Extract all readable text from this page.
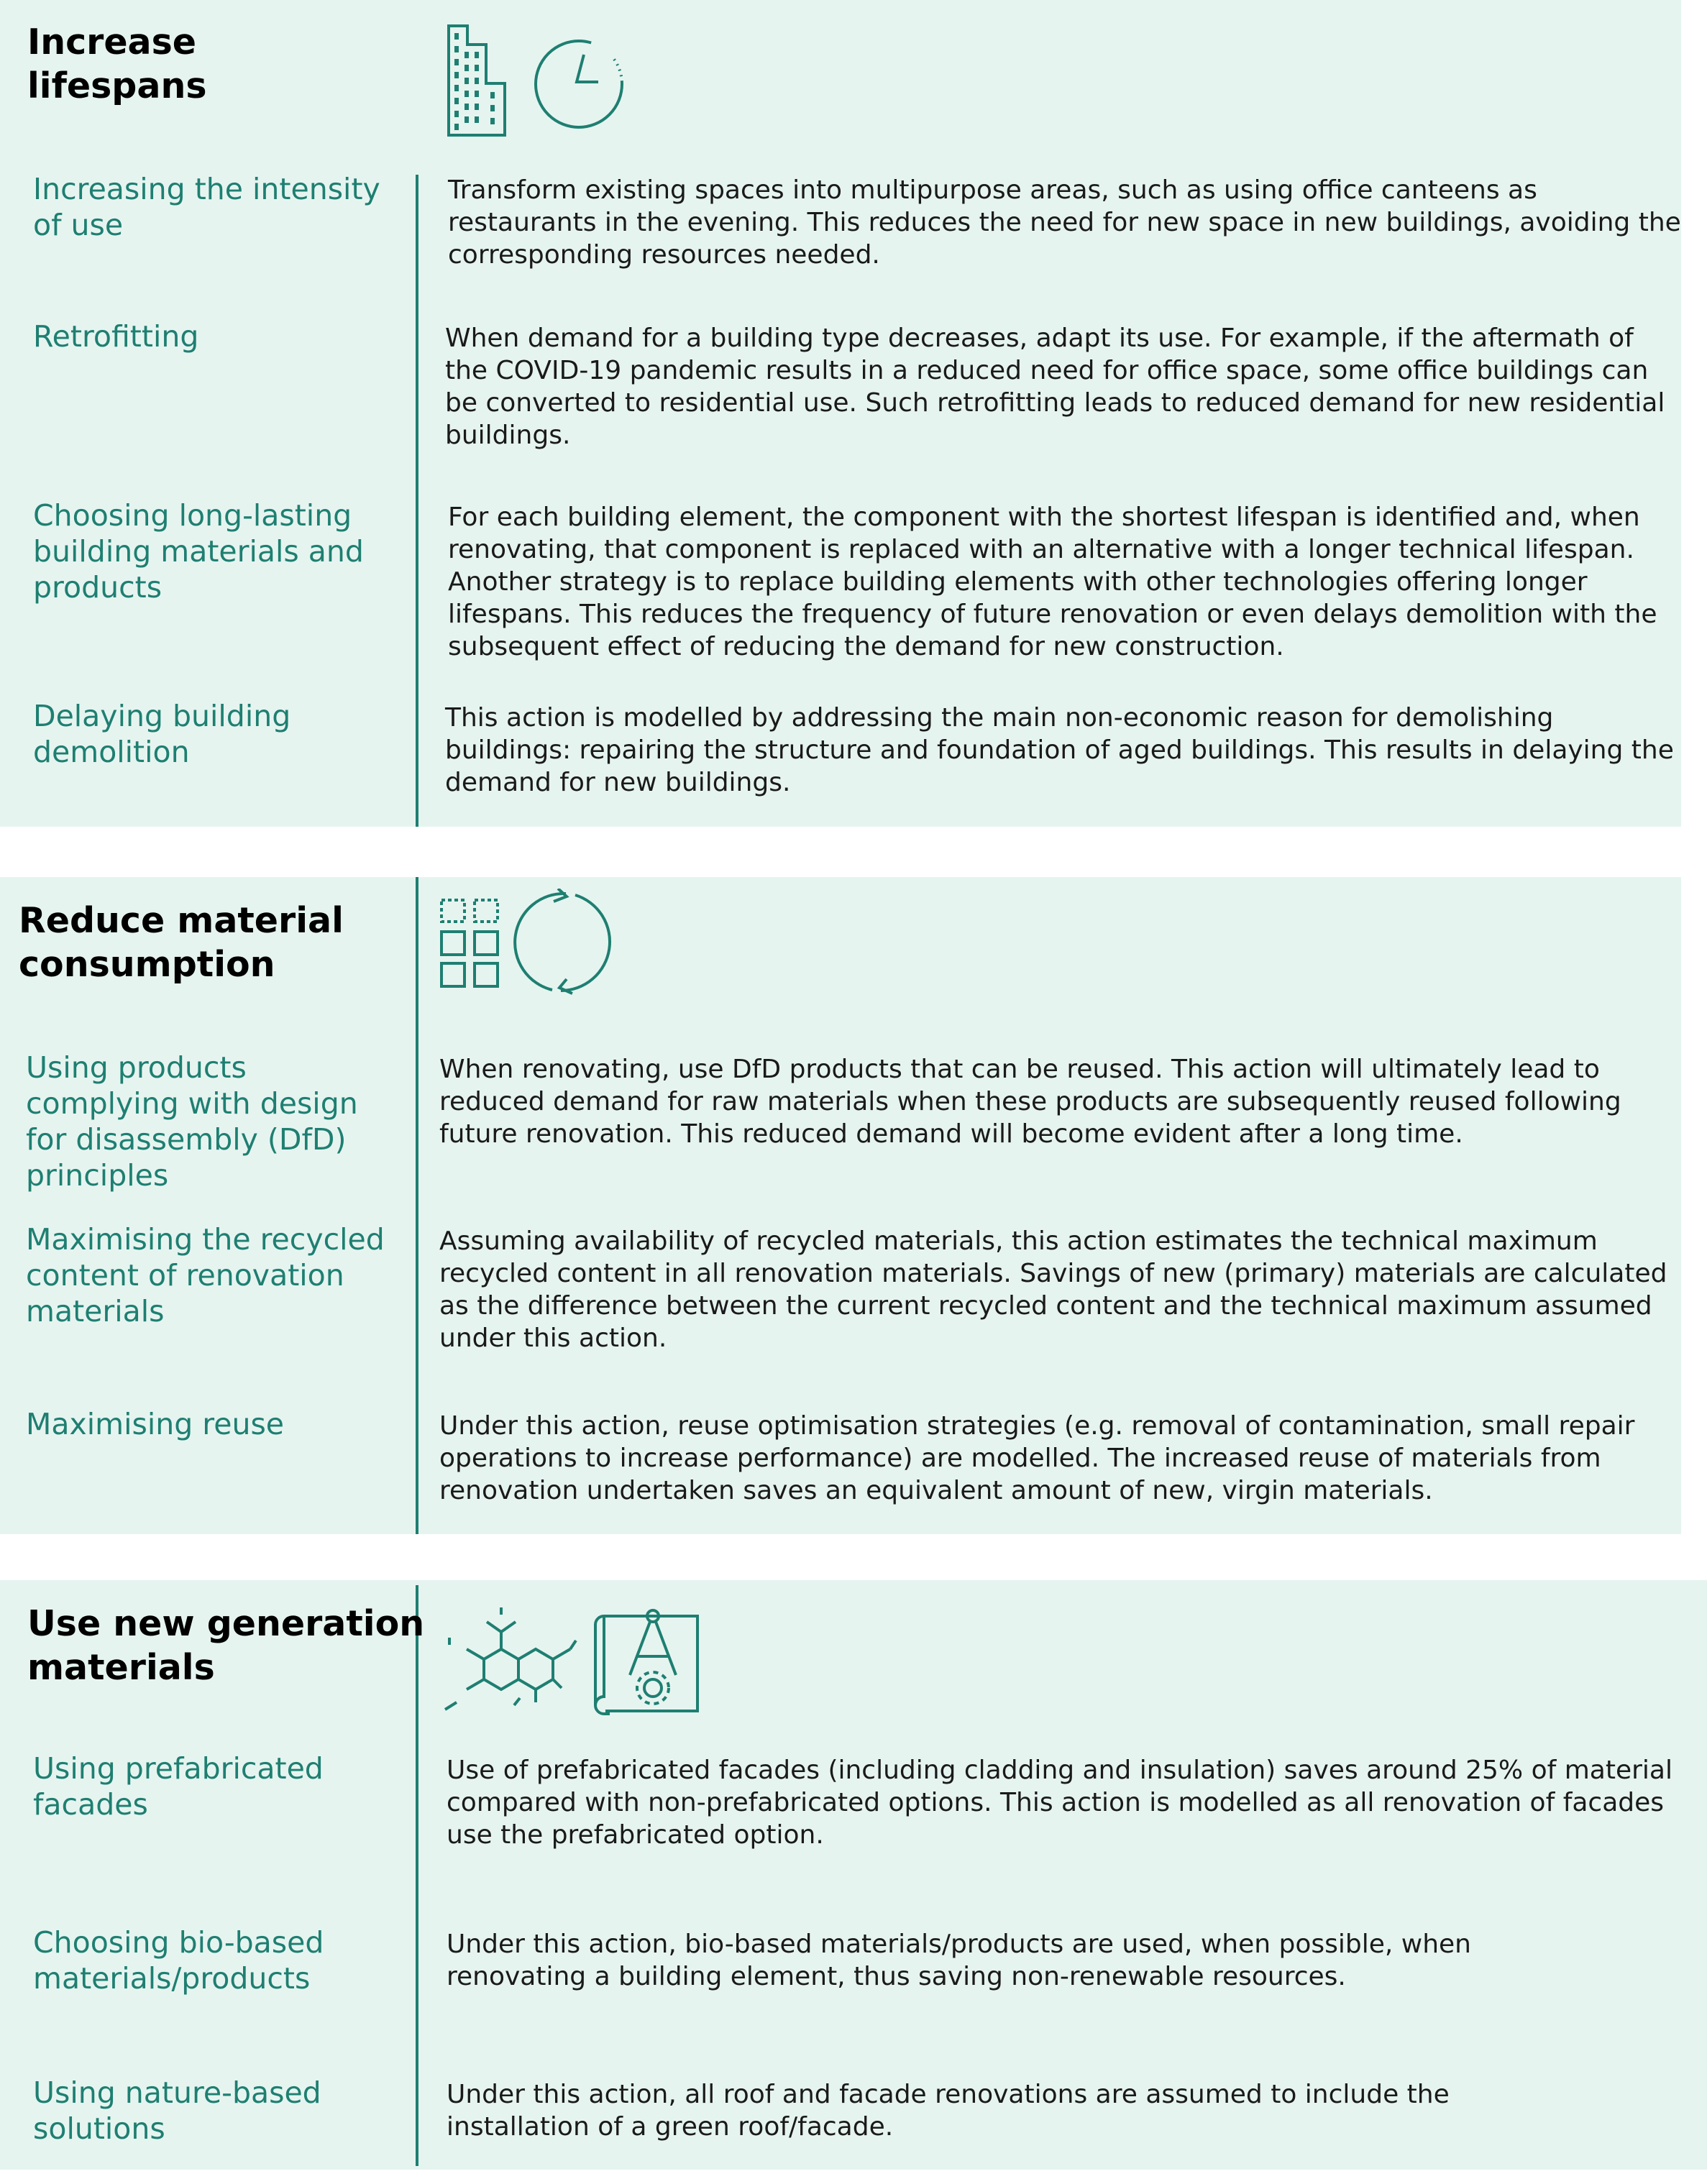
Increase lifespans
Increasing the intensity of use
Transform existing spaces into multipurpose areas, such as using office canteens as restaurants in the evening. This reduces the need for new space in new buildings, avoiding the corresponding resources needed.
Retrofitting	When demand for a building type decreases, adapt its use. For example, if the aftermath of the COVID-19 pandemic results in a reduced need for office space, some office buildings can be converted to residential use. Such retrofitting leads to reduced demand for new residential buildings.
Choosing long-lasting building materials and products
For each building element, the component with the shortest lifespan is identified and, when renovating, that component is replaced with an alternative with a longer technical lifespan. Another strategy is to replace building elements with other technologies offering longer lifespans. This reduces the frequency of future renovation or even delays demolition with the subsequent effect of reducing the demand for new construction.
Delaying building demolition
This action is modelled by addressing the main non-economic reason for demolishing buildings: repairing the structure and foundation of aged buildings. This results in delaying the demand for new buildings.
Reduce material consumption
Using products complying with design for disassembly (DfD) principles
When renovating, use DfD products that can be reused. This action will ultimately lead to reduced demand for raw materials when these products are subsequently reused following future renovation. This reduced demand will become evident after a long time.
Maximising the recycled content of renovation materials
Assuming availability of recycled materials, this action estimates the technical maximum recycled content in all renovation materials. Savings of new (primary) materials are calculated as the difference between the current recycled content and the technical maximum assumed under this action.
Maximising reuse	Under this action, reuse optimisation strategies (e.g. removal of contamination, small repair operations to increase performance) are modelled. The increased reuse of materials from renovation undertaken saves an equivalent amount of new, virgin materials.
Use new generation materials
Using prefabricated facades
Use of prefabricated facades (including cladding and insulation) saves around 25% of material compared with non-prefabricated options. This action is modelled as all renovation of facades use the prefabricated option.
Choosing bio-based materials/products
Under this action, bio-based materials/products are used, when possible, when renovating a building element, thus saving non-renewable resources.
Using nature-based solutions
Under this action, all roof and facade renovations are assumed to include the installation of a green roof/facade.
